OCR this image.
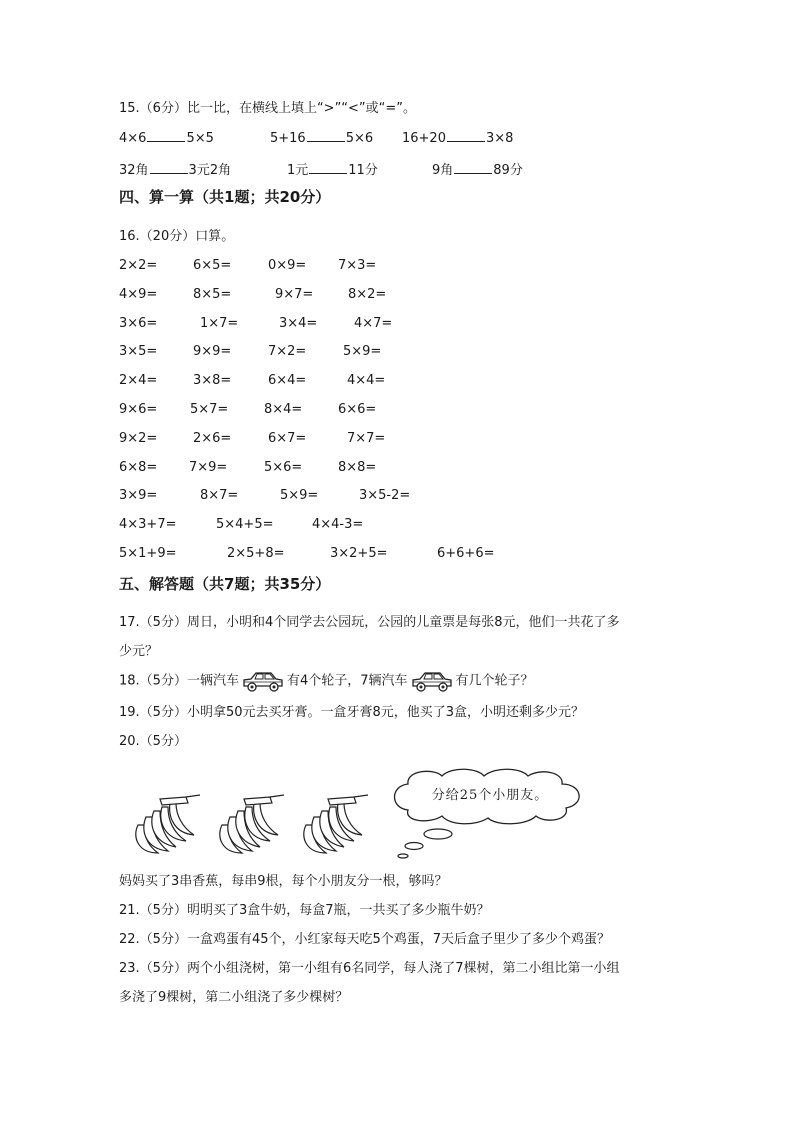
15.（6分）比一比，在横线上填上“>”“<”或“=”。
4×6	5×5	5+16	5×6 16+20	3×8
32角	3元2角	1元	11分	9角	89分
四、算一算（共1题；共20分）
16.（20分）口算。
2×2=	6×5=	0×9= 7×3=
4×9=	8×5=	9×7=	8×2=
3×6=	1×7=	3×4=	4×7=
3×5=	9×9=	7×2=	5×9=
2×4=	3×8=	6×4=	4×4=
9×6=	5×7=	8×4=	6×6=
9×2=	2×6=	6×7=	7×7=
6×8= 7×9=	5×6=	8×8=
3×9=	8×7=	5×9=	3×5-2=
4×3+7=	5×4+5=	4×4-3=
5×1+9=	2×5+8=	3×2+5=	6+6+6=
五、解答题（共7题；共35分）
17.（5分）周日，小明和4个同学去公园玩，公园的儿童票是每张8元，他们一共花了多
少元？
18.（5分）一辆汽车	有4个轮子，7辆汽车	有几个轮子？
19.（5分）小明拿50元去买牙膏。一盒牙膏8元，他买了3盒，小明还剩多少元？
20.（5分）
分给25个小朋友。
妈妈买了3串香蕉，每串9根，每个小朋友分一根，够吗？
21.（5分）明明买了3盒牛奶，每盒7瓶，一共买了多少瓶牛奶？
22.（5分）一盒鸡蛋有45个，小红家每天吃5个鸡蛋，7天后盒子里少了多少个鸡蛋？
23.（5分）两个小组浇树，第一小组有6名同学，每人浇了7棵树，第二小组比第一小组
多浇了9棵树，第二小组浇了多少棵树？
